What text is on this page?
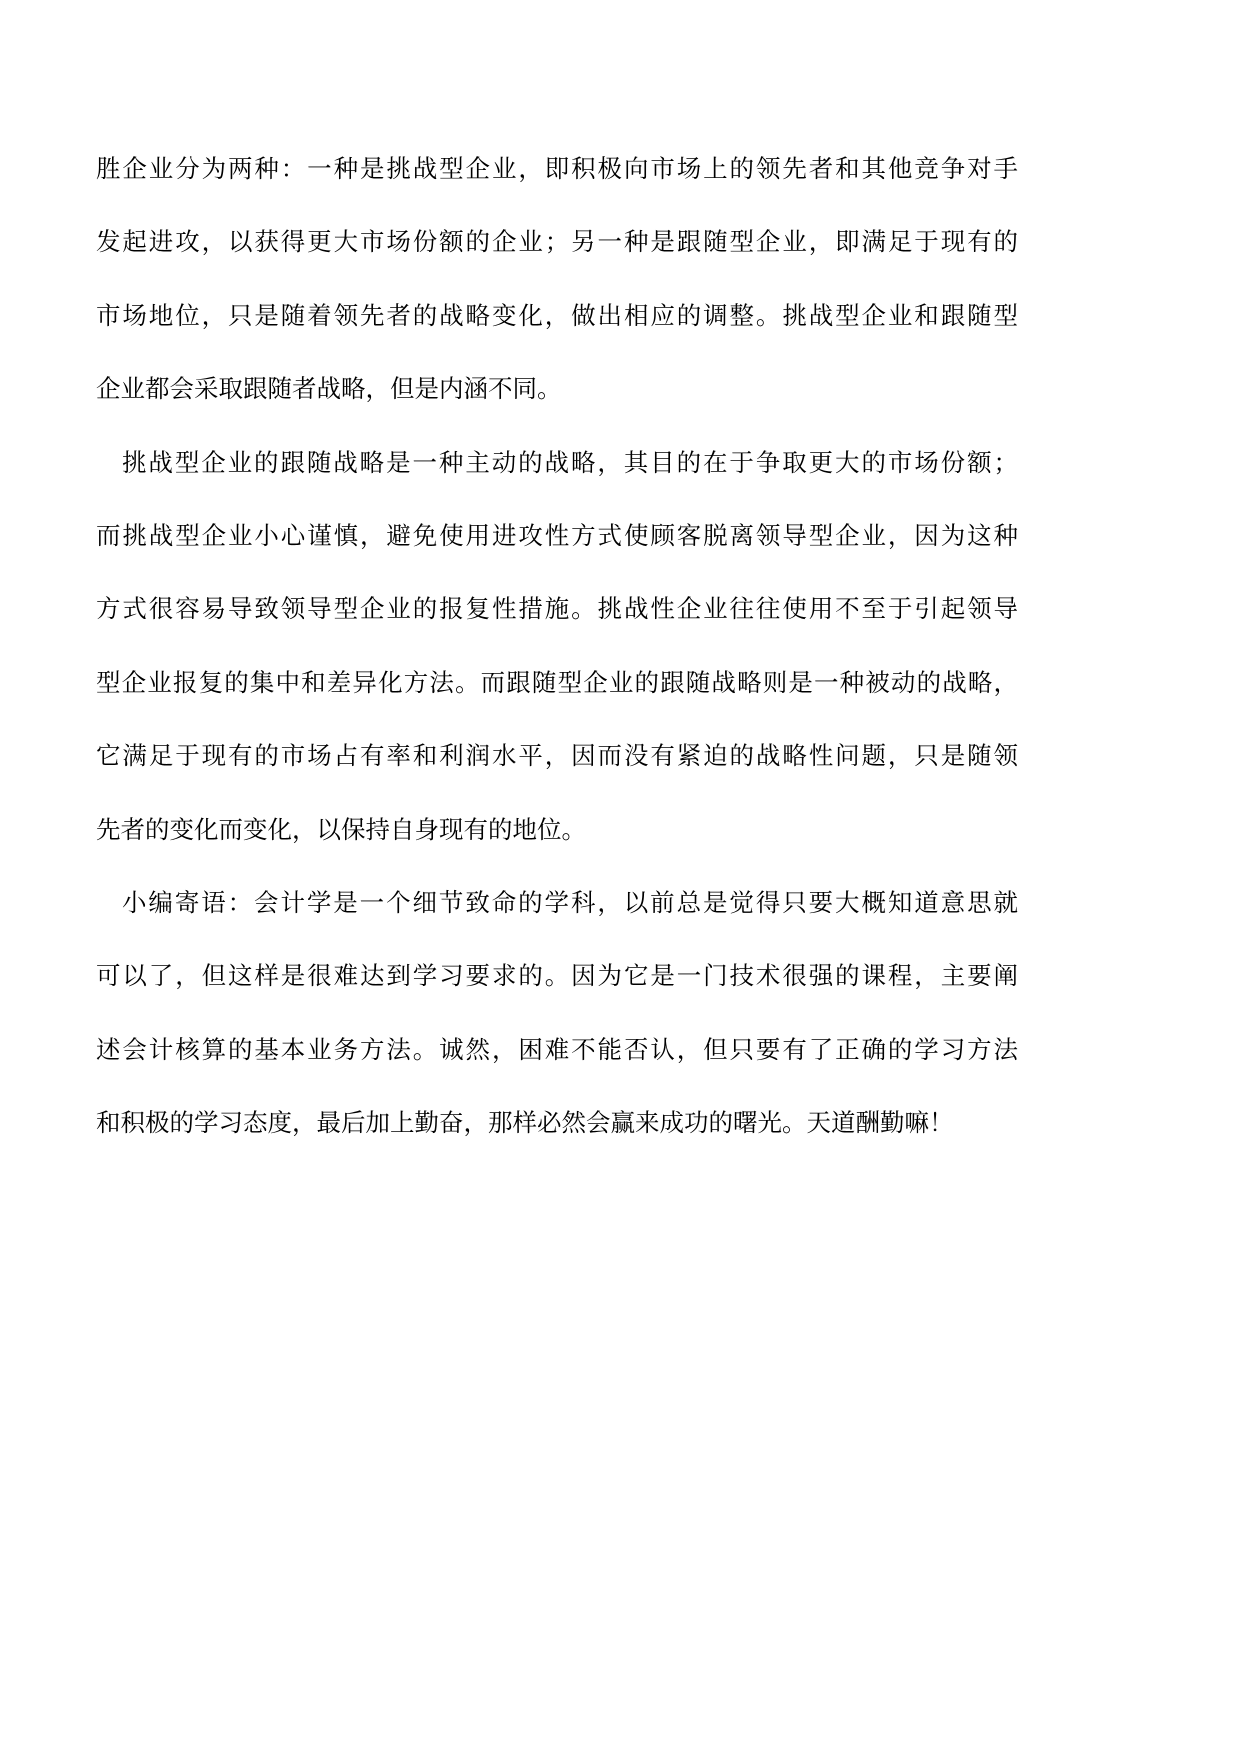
胜企业分为两种：一种是挑战型企业，即积极向市场上的领先者和其他竞争对手
发起进攻，以获得更大市场份额的企业；另一种是跟随型企业，即满足于现有的
市场地位，只是随着领先者的战略变化，做出相应的调整。挑战型企业和跟随型
企业都会采取跟随者战略，但是内涵不同。
挑战型企业的跟随战略是一种主动的战略，其目的在于争取更大的市场份额；
而挑战型企业小心谨慎，避免使用进攻性方式使顾客脱离领导型企业，因为这种
方式很容易导致领导型企业的报复性措施。挑战性企业往往使用不至于引起领导
型企业报复的集中和差异化方法。而跟随型企业的跟随战略则是一种被动的战略，
它满足于现有的市场占有率和利润水平，因而没有紧迫的战略性问题，只是随领
先者的变化而变化，以保持自身现有的地位。
小编寄语：会计学是一个细节致命的学科，以前总是觉得只要大概知道意思就
可以了，但这样是很难达到学习要求的。因为它是一门技术很强的课程，主要阐
述会计核算的基本业务方法。诚然，困难不能否认，但只要有了正确的学习方法
和积极的学习态度，最后加上勤奋，那样必然会赢来成功的曙光。天道酬勤嘛！
